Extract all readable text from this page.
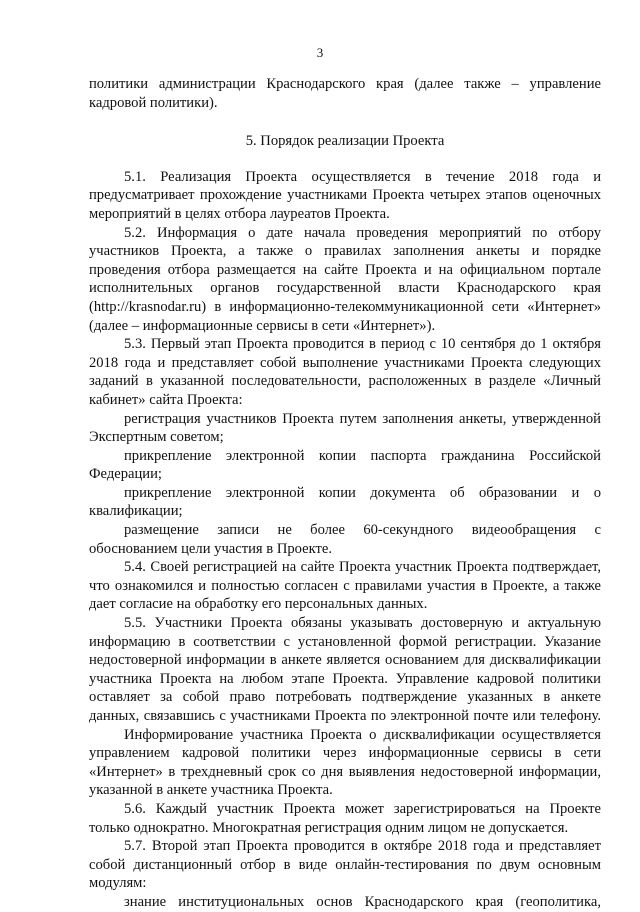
3
политики администрации Краснодарского края (далее также – управление
кадровой политики).
5. Порядок реализации Проекта
5.1. Реализация Проекта осуществляется в течение 2018 года и
предусматривает прохождение участниками Проекта четырех этапов оценочных
мероприятий в целях отбора лауреатов Проекта.
5.2. Информация о дате начала проведения мероприятий по отбору
участников Проекта, а также о правилах заполнения анкеты и порядке
проведения отбора размещается на сайте Проекта и на официальном портале
исполнительных органов государственной власти Краснодарского края
(http://krasnodar.ru) в информационно-телекоммуникационной сети «Интернет»
(далее – информационные сервисы в сети «Интернет»).
5.3. Первый этап Проекта проводится в период с 10 сентября до 1 октября
2018 года и представляет собой выполнение участниками Проекта следующих
заданий в указанной последовательности, расположенных в разделе «Личный
кабинет» сайта Проекта:
регистрация участников Проекта путем заполнения анкеты, утвержденной
Экспертным советом;
прикрепление электронной копии паспорта гражданина Российской
Федерации;
прикрепление электронной копии документа об образовании и о
квалификации;
размещение записи не более 60-секундного видеообращения с
обоснованием цели участия в Проекте.
5.4. Своей регистрацией на сайте Проекта участник Проекта подтверждает,
что ознакомился и полностью согласен с правилами участия в Проекте, а также
дает согласие на обработку его персональных данных.
5.5. Участники Проекта обязаны указывать достоверную и актуальную
информацию в соответствии с установленной формой регистрации. Указание
недостоверной информации в анкете является основанием для дисквалификации
участника Проекта на любом этапе Проекта. Управление кадровой политики
оставляет за собой право потребовать подтверждение указанных в анкете
данных, связавшись с участниками Проекта по электронной почте или телефону.
Информирование участника Проекта о дисквалификации осуществляется
управлением кадровой политики через информационные сервисы в сети
«Интернет» в трехдневный срок со дня выявления недостоверной информации,
указанной в анкете участника Проекта.
5.6. Каждый участник Проекта может зарегистрироваться на Проекте
только однократно. Многократная регистрация одним лицом не допускается.
5.7. Второй этап Проекта проводится в октябре 2018 года и представляет
собой дистанционный отбор в виде онлайн-тестирования по двум основным
модулям:
знание институциональных основ Краснодарского края (геополитика,
